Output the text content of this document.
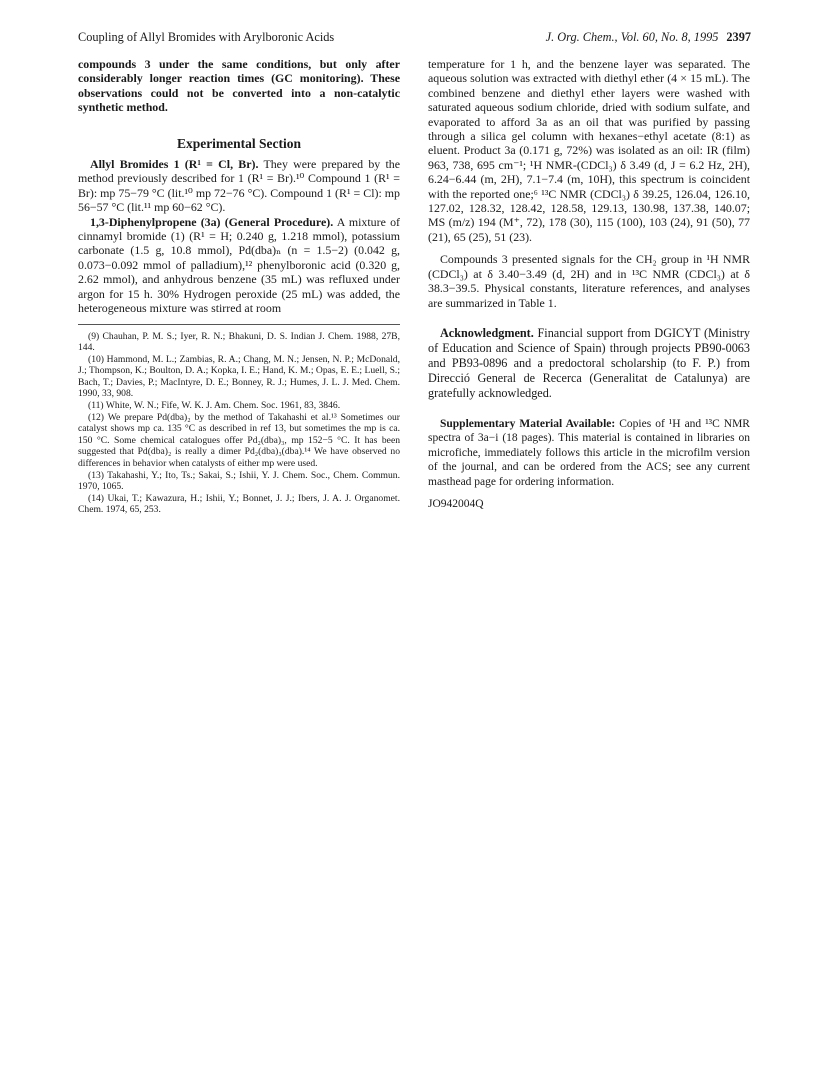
Coupling of Allyl Bromides with Arylboronic Acids	J. Org. Chem., Vol. 60, No. 8, 1995 2397

compounds 3 under the same conditions, but only after considerably longer reaction times (GC monitoring). These observations could not be converted into a non-catalytic synthetic method.

Experimental Section

Allyl Bromides 1 (R¹ = Cl, Br). They were prepared by the method previously described for 1 (R¹ = Br).¹⁰ Compound 1 (R¹ = Br): mp 75−79 °C (lit.¹⁰ mp 72−76 °C). Compound 1 (R¹ = Cl): mp 56−57 °C (lit.¹¹ mp 60−62 °C).

1,3-Diphenylpropene (3a) (General Procedure). A mixture of cinnamyl bromide (1) (R¹ = H; 0.240 g, 1.218 mmol), potassium carbonate (1.5 g, 10.8 mmol), Pd(dba)ₙ (n = 1.5−2) (0.042 g, 0.073−0.092 mmol of palladium),¹² phenylboronic acid (0.320 g, 2.62 mmol), and anhydrous benzene (35 mL) was refluxed under argon for 15 h. 30% Hydrogen peroxide (25 mL) was added, the heterogeneous mixture was stirred at room

(9) Chauhan, P. M. S.; Iyer, R. N.; Bhakuni, D. S. Indian J. Chem. 1988, 27B, 144.

(10) Hammond, M. L.; Zambias, R. A.; Chang, M. N.; Jensen, N. P.; McDonald, J.; Thompson, K.; Boulton, D. A.; Kopka, I. E.; Hand, K. M.; Opas, E. E.; Luell, S.; Bach, T.; Davies, P.; MacIntyre, D. E.; Bonney, R. J.; Humes, J. L. J. Med. Chem. 1990, 33, 908.

(11) White, W. N.; Fife, W. K. J. Am. Chem. Soc. 1961, 83, 3846.

(12) We prepare Pd(dba)₂ by the method of Takahashi et al.¹³ Sometimes our catalyst shows mp ca. 135 °C as described in ref 13, but sometimes the mp is ca. 150 °C. Some chemical catalogues offer Pd₂(dba)₃, mp 152−5 °C. It has been suggested that Pd(dba)₂ is really a dimer Pd₂(dba)₃(dba).¹⁴ We have observed no differences in behavior when catalysts of either mp were used.

(13) Takahashi, Y.; Ito, Ts.; Sakai, S.; Ishii, Y. J. Chem. Soc., Chem. Commun. 1970, 1065.

(14) Ukai, T.; Kawazura, H.; Ishii, Y.; Bonnet, J. J.; Ibers, J. A. J. Organomet. Chem. 1974, 65, 253.

temperature for 1 h, and the benzene layer was separated. The aqueous solution was extracted with diethyl ether (4 × 15 mL). The combined benzene and diethyl ether layers were washed with saturated aqueous sodium chloride, dried with sodium sulfate, and evaporated to afford 3a as an oil that was purified by passing through a silica gel column with hexanes−ethyl acetate (8:1) as eluent. Product 3a (0.171 g, 72%) was isolated as an oil: IR (film) 963, 738, 695 cm⁻¹; ¹H NMR-(CDCl₃) δ 3.49 (d, J = 6.2 Hz, 2H), 6.24−6.44 (m, 2H), 7.1−7.4 (m, 10H), this spectrum is coincident with the reported one;⁶ ¹³C NMR (CDCl₃) δ 39.25, 126.04, 126.10, 127.02, 128.32, 128.42, 128.58, 129.13, 130.98, 137.38, 140.07; MS (m/z) 194 (M⁺, 72), 178 (30), 115 (100), 103 (24), 91 (50), 77 (21), 65 (25), 51 (23).

Compounds 3 presented signals for the CH₂ group in ¹H NMR (CDCl₃) at δ 3.40−3.49 (d, 2H) and in ¹³C NMR (CDCl₃) at δ 38.3−39.5. Physical constants, literature references, and analyses are summarized in Table 1.

Acknowledgment. Financial support from DGICYT (Ministry of Education and Science of Spain) through projects PB90-0063 and PB93-0896 and a predoctoral scholarship (to F. P.) from Direcció General de Recerca (Generalitat de Catalunya) are gratefully acknowledged.

Supplementary Material Available: Copies of ¹H and ¹³C NMR spectra of 3a−i (18 pages). This material is contained in libraries on microfiche, immediately follows this article in the microfilm version of the journal, and can be ordered from the ACS; see any current masthead page for ordering information.

JO942004Q
